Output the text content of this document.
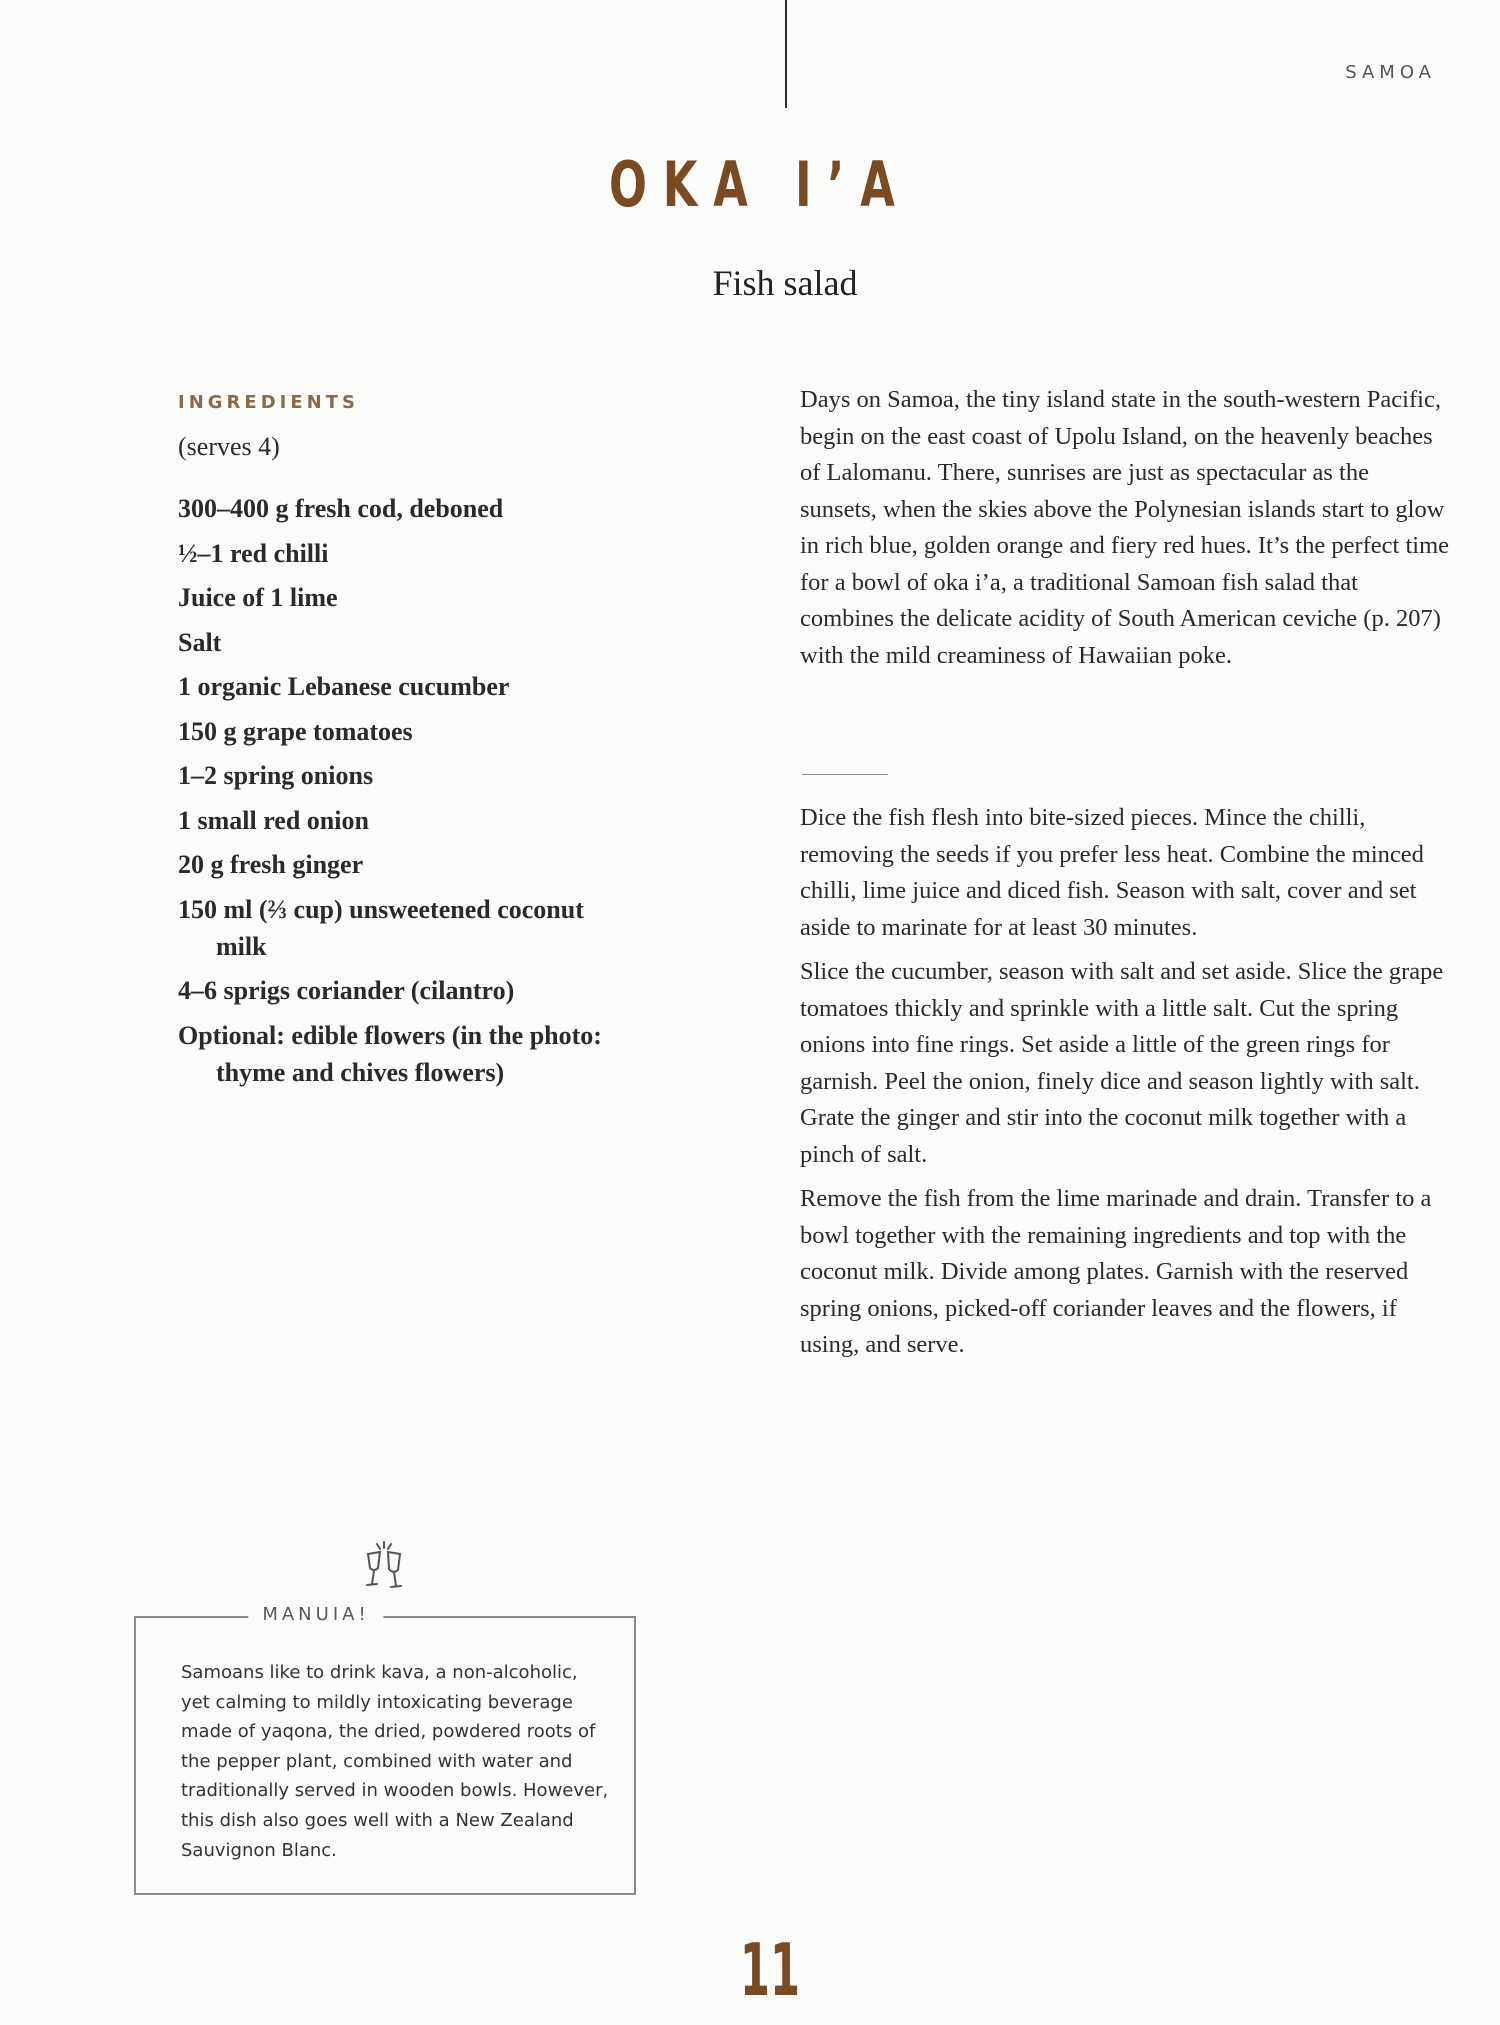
SAMOA
OKA I’A
Fish salad
INGREDIENTS
(serves 4)
300–400 g fresh cod, deboned
½–1 red chilli
Juice of 1 lime
Salt
1 organic Lebanese cucumber
150 g grape tomatoes
1–2 spring onions
1 small red onion
20 g fresh ginger
150 ml (⅔ cup) unsweetened coconut milk
4–6 sprigs coriander (cilantro)
Optional: edible flowers (in the photo: thyme and chives flowers)

Days on Samoa, the tiny island state in the south-western Pacific, begin on the east coast of Upolu Island, on the heavenly beaches of Lalomanu. There, sunrises are just as spectacular as the sunsets, when the skies above the Polynesian islands start to glow in rich blue, golden orange and fiery red hues. It’s the perfect time for a bowl of oka i’a, a traditional Samoan fish salad that combines the delicate acidity of South American ceviche (p. 207) with the mild creaminess of Hawaiian poke.

Dice the fish flesh into bite-sized pieces. Mince the chilli, removing the seeds if you prefer less heat. Combine the minced chilli, lime juice and diced fish. Season with salt, cover and set aside to marinate for at least 30 minutes.

Slice the cucumber, season with salt and set aside. Slice the grape tomatoes thickly and sprinkle with a little salt. Cut the spring onions into fine rings. Set aside a little of the green rings for garnish. Peel the onion, finely dice and season lightly with salt. Grate the ginger and stir into the coconut milk together with a pinch of salt.

Remove the fish from the lime marinade and drain. Transfer to a bowl together with the remaining ingredients and top with the coconut milk. Divide among plates. Garnish with the reserved spring onions, picked-off coriander leaves and the flowers, if using, and serve.

MANUIA!
Samoans like to drink kava, a non-alcoholic, yet calming to mildly intoxicating beverage made of yaqona, the dried, powdered roots of the pepper plant, combined with water and traditionally served in wooden bowls. However, this dish also goes well with a New Zealand Sauvignon Blanc.
11
